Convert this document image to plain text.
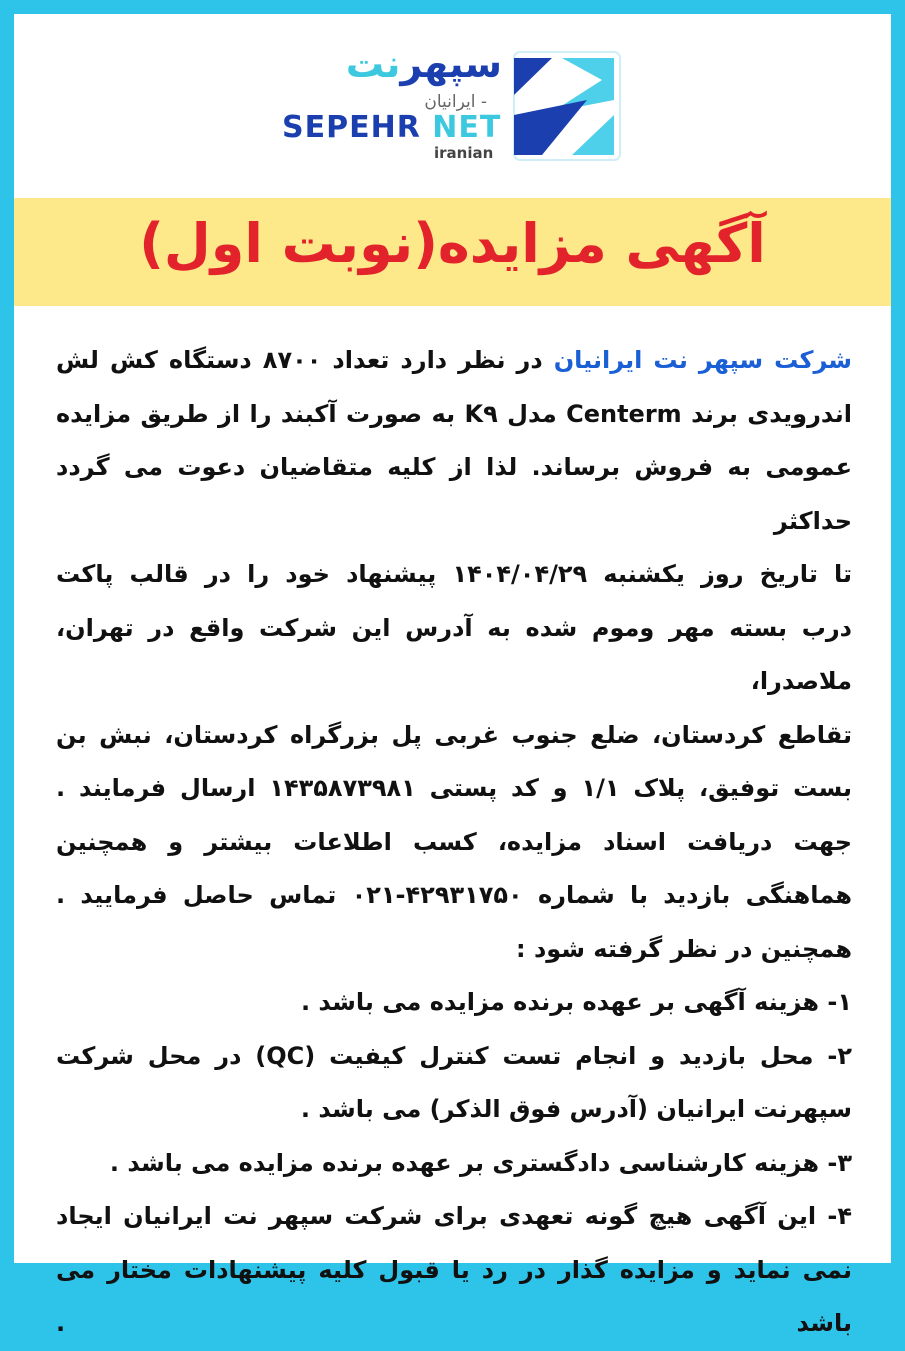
سپهرنت
- ایرانیان
SEPEHR NET
iranian
آگهی مزایده(نوبت اول)
شرکت سپهر نت ایرانیان در نظر دارد تعداد ۸۷۰۰ دستگاه کش لش
اندرویدی برند Centerm مدل K۹ به صورت آکبند را از طریق مزایده
عمومی به فروش برساند. لذا از کلیه متقاضیان دعوت می گردد حداکثر
تا تاریخ روز یکشنبه ۱۴۰۴/۰۴/۲۹ پیشنهاد خود را در قالب پاکت
درب بسته مهر وموم شده به آدرس این شرکت واقع در تهران، ملاصدرا،
تقاطع کردستان، ضلع جنوب غربی پل بزرگراه کردستان، نبش بن
بست توفیق، پلاک ۱/۱ و کد پستی ۱۴۳۵۸۷۳۹۸۱ ارسال فرمایند .
جهت دریافت اسناد مزایده، کسب اطلاعات بیشتر و همچنین
هماهنگی بازدید با شماره ۴۲۹۳۱۷۵۰-۰۲۱ تماس حاصل فرمایید .
همچنین در نظر گرفته شود :
۱- هزینه آگهی بر عهده برنده مزایده می باشد .
۲- محل بازدید و انجام تست کنترل کیفیت (QC) در محل شرکت
سپهرنت ایرانیان (آدرس فوق الذکر) می باشد .
۳- هزینه کارشناسی دادگستری بر عهده برنده مزایده می باشد .
۴- این آگهی هیچ گونه تعهدی برای شرکت سپهر نت ایرانیان ایجاد
نمی نماید و مزایده گذار در رد یا قبول کلیه پیشنهادات مختار می باشد .
